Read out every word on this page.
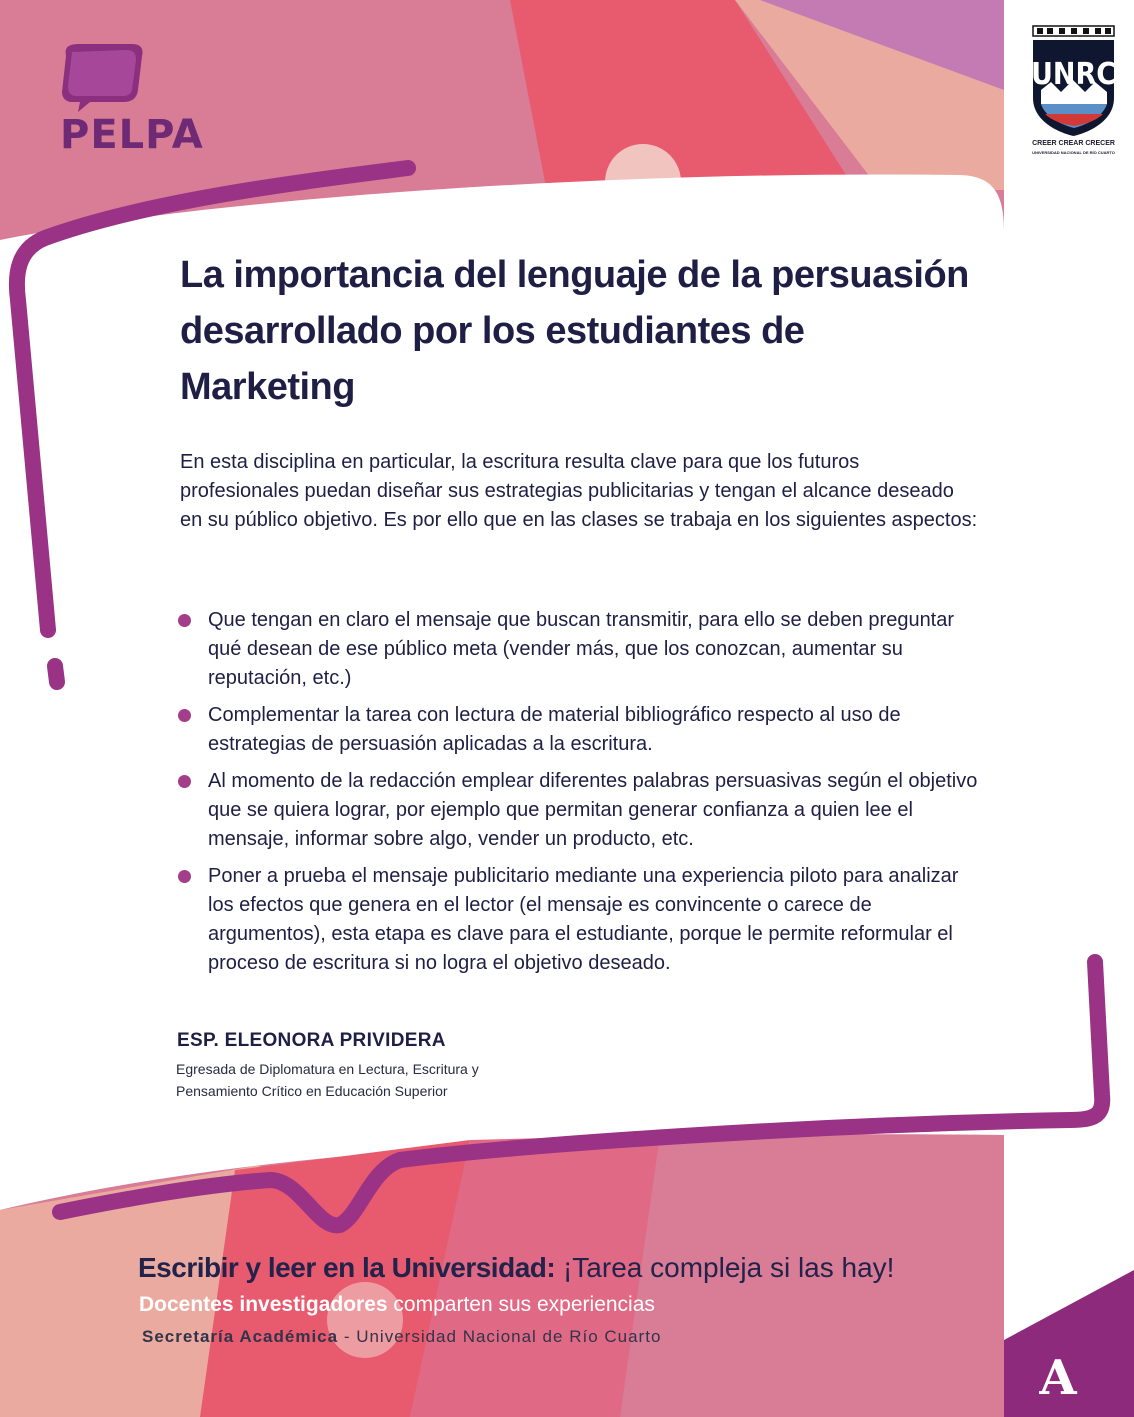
PELPA
UNRC
CREER CREAR CRECER
UNIVERSIDAD NACIONAL DE RÍO CUARTO
La importancia del lenguaje de la persuasión desarrollado por los estudiantes de Marketing

En esta disciplina en particular, la escritura resulta clave para que los futuros profesionales puedan diseñar sus estrategias publicitarias y tengan el alcance deseado en su público objetivo. Es por ello que en las clases se trabaja en los siguientes aspectos:

Que tengan en claro el mensaje que buscan transmitir, para ello se deben preguntar qué desean de ese público meta (vender más, que los conozcan, aumentar su reputación, etc.)
Complementar la tarea con lectura de material bibliográfico respecto al uso de estrategias de persuasión aplicadas a la escritura.
Al momento de la redacción emplear diferentes palabras persuasivas según el objetivo que se quiera lograr, por ejemplo que permitan generar confianza a quien lee el mensaje, informar sobre algo, vender un producto, etc.
Poner a prueba el mensaje publicitario mediante una experiencia piloto para analizar los efectos que genera en el lector (el mensaje es convincente o carece de argumentos), esta etapa es clave para el estudiante, porque le permite reformular el proceso de escritura si no logra el objetivo deseado.
ESP. ELEONORA PRIVIDERA
Egresada de Diplomatura en Lectura, Escritura y
Pensamiento Crítico en Educación Superior
Escribir y leer en la Universidad: ¡Tarea compleja si las hay!
Docentes investigadores comparten sus experiencias
Secretaría Académica - Universidad Nacional de Río Cuarto
A
